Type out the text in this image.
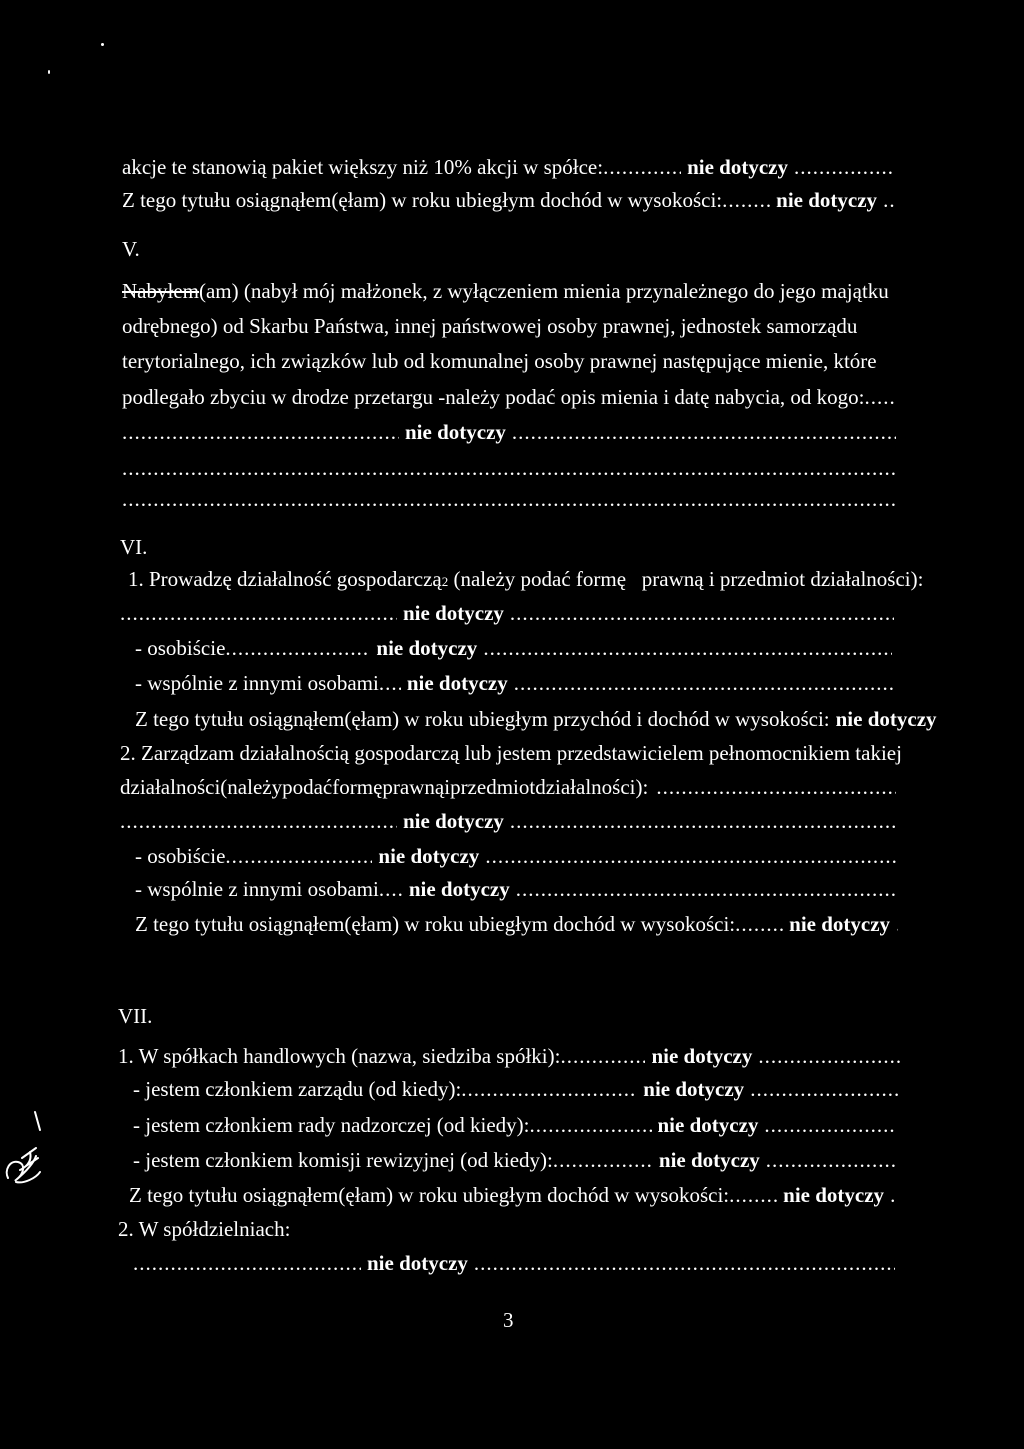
akcje te stanowią pakiet większy niż 10% akcji w spółce: .....	nie dotyczy
.....
Z tego tytułu osiągnąłem (ęłam) w roku ubiegłym dochód w wysokości: .....	nie dotyczy
.....
V.
Nabyłem(am) (nabył mój małżonek, z wyłączeniem mienia przynależnego do jego majątku
odrębnego) od Skarbu Państwa, innej państwowej osoby prawnej, jednostek samorządu
terytorialnego, ich związków lub od komunalnej osoby prawnej następujące mienie, które
podlegało zbyciu w drodze przetargu -należy podać opis mienia i datę nabycia, od kogo:
.....
.....
nie dotyczy
.....
.....
.....
VI.
1. Prowadzę działalność gospodarczą 2 (należy podać formę   prawną i przedmiot działalności):
.....
nie dotyczy
.....
- osobiście .....	nie dotyczy
.....
- wspólnie z innymi osobami ..... nie dotyczy
.....
Z tego tytułu osiągnąłem (ęłam) w roku ubiegłym przychód i dochód w wysokości: nie dotyczy
2. Zarządzam działalnością gospodarczą lub jestem przedstawicielem pełnomocnikiem takiej
działalności (należy podać formę prawną i przedmiot działalności):
.....
.....
nie dotyczy
.....
- osobiście .....	nie dotyczy
.....
- wspólnie z innymi osobami ..... nie dotyczy
.....
Z tego tytułu osiągnąłem (ęłam) w roku ubiegłym dochód w wysokości: .....	nie dotyczy
.....
VII.
1. W spółkach handlowych (nazwa, siedziba spółki): .....	nie dotyczy
.....
- jestem członkiem zarządu (od kiedy): .....	nie dotyczy
.....
- jestem członkiem rady nadzorczej (od kiedy): .....	nie dotyczy
.....
- jestem członkiem komisji rewizyjnej (od kiedy): .....	nie dotyczy
.....
Z tego tytułu osiągnąłem (ęłam) w roku ubiegłym dochód w wysokości: .....	nie dotyczy
.....
2. W spółdzielniach:
.....
nie dotyczy
.....
3
